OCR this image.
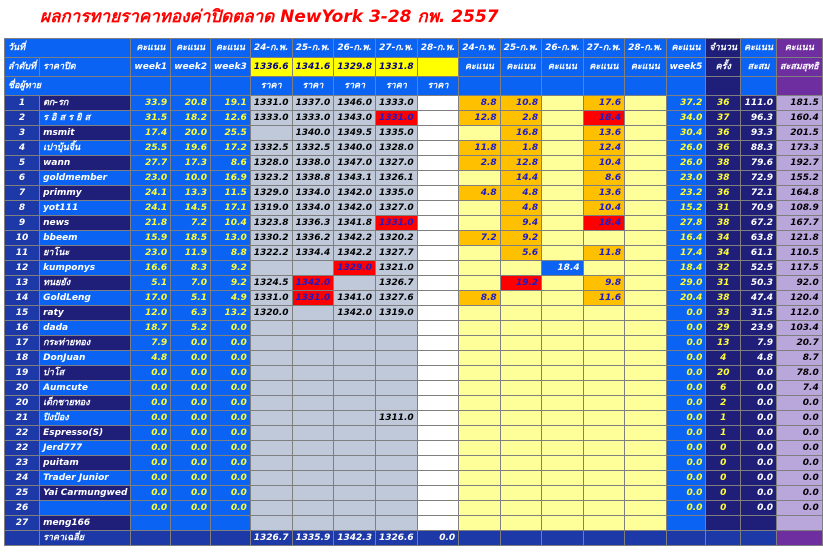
ผลการทายราคาทองค่าปิดตลาด NewYork 3-28 กพ. 2557
วันที่		คะแนน	คะแนน	คะแนน	24-ก.พ.	25-ก.พ.	26-ก.พ.	27-ก.พ.	28-ก.พ.	24-ก.พ.	25-ก.พ.	26-ก.พ.	27-ก.พ.	28-ก.พ.	คะแนน	จำนวน	คะแนน	คะแนน
ลำดับที่	ราคาปิด	week1	week2	week3	1336.6	1341.6	1329.8	1331.8		คะแนน	คะแนน	คะแนน	คะแนน	คะแนน	week5	ครั้ง	สะสม	สะสมสุทธิ
ชื่อผู้ทาย					ราคา	ราคา	ราคา	ราคา	ราคา									
1	ตก-รก	33.9	20.8	19.1	1331.0	1337.0	1346.0	1333.0		8.8	10.8		17.6		37.2	36	111.0	181.5
2	ร อิ ส ร ยิ ส	31.5	18.2	12.6	1333.0	1333.0	1343.0	1331.0		12.8	2.8		18.4		34.0	37	96.3	160.4
3	msmit	17.4	20.0	25.5		1340.0	1349.5	1335.0			16.8		13.6		30.4	36	93.3	201.5
4	เปาบุ้นจิ้น	25.5	19.6	17.2	1332.5	1332.5	1340.0	1328.0		11.8	1.8		12.4		26.0	36	88.3	173.3
5	wann	27.7	17.3	8.6	1328.0	1338.0	1347.0	1327.0		2.8	12.8		10.4		26.0	38	79.6	192.7
6	goldmember	23.0	10.0	16.9	1323.2	1338.8	1343.1	1326.1			14.4		8.6		23.0	38	72.9	155.2
7	primmy	24.1	13.3	11.5	1329.0	1334.0	1342.0	1335.0		4.8	4.8		13.6		23.2	36	72.1	164.8
8	yot111	24.1	14.5	17.1	1319.0	1334.0	1342.0	1327.0			4.8		10.4		15.2	31	70.9	108.9
9	news	21.8	7.2	10.4	1323.8	1336.3	1341.8	1331.0			9.4		18.4		27.8	38	67.2	167.7
10	bbeem	15.9	18.5	13.0	1330.2	1336.2	1342.2	1320.2		7.2	9.2				16.4	34	63.8	121.8
11	ยาโนะ	23.0	11.9	8.8	1322.2	1334.4	1342.2	1327.7			5.6		11.8		17.4	34	61.1	110.5
12	kumponys	16.6	8.3	9.2			1329.0	1321.0				18.4			18.4	32	52.5	117.5
13	ทนยยัง	5.1	7.0	9.2	1324.5	1342.0		1326.7			19.2		9.8		29.0	31	50.3	92.0
14	GoldLeng	17.0	5.1	4.9	1331.0	1331.0	1341.0	1327.6		8.8			11.6		20.4	38	47.4	120.4
15	raty	12.0	6.3	13.2	1320.0		1342.0	1319.0							0.0	33	31.5	112.0
16	dada	18.7	5.2	0.0											0.0	29	23.9	103.4
17	กระท่ายทอง	7.9	0.0	0.0											0.0	13	7.9	20.7
18	DonJuan	4.8	0.0	0.0											0.0	4	4.8	8.7
19	บ่าโส	0.0	0.0	0.0											0.0	20	0.0	78.0
20	Aumcute	0.0	0.0	0.0											0.0	6	0.0	7.4
20	เด็กชายทอง	0.0	0.0	0.0											0.0	2	0.0	0.0
21	ปิงป้อง	0.0	0.0	0.0				1311.0							0.0	1	0.0	0.0
22	Espresso(S)	0.0	0.0	0.0											0.0	1	0.0	0.0
22	Jerd777	0.0	0.0	0.0											0.0	0	0.0	0.0
23	puitam	0.0	0.0	0.0											0.0	0	0.0	0.0
24	Trader Junior	0.0	0.0	0.0											0.0	0	0.0	0.0
25	Yai Carmungwed	0.0	0.0	0.0											0.0	0	0.0	0.0
26		0.0	0.0	0.0											0.0	0	0.0	0.0
27	meng166																	
	ราคาเฉลี่ย				1326.7	1335.9	1342.3	1326.6	0.0									
